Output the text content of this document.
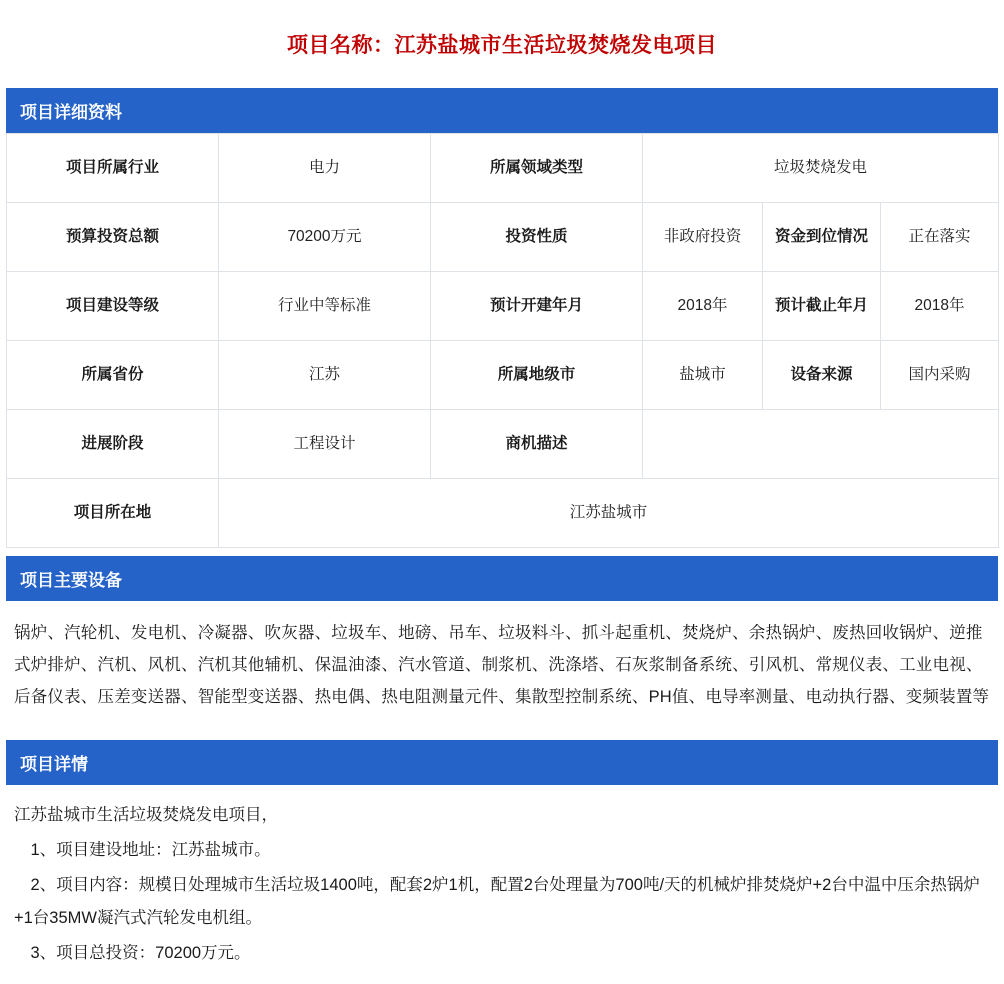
项目名称：江苏盐城市生活垃圾焚烧发电项目
项目详细资料
项目所属行业	电力	所属领域类型	垃圾焚烧发电		
预算投资总额	70200万元	投资性质	非政府投资	资金到位情况	正在落实
项目建设等级	行业中等标准	预计开建年月	2018年	预计截止年月	2018年
所属省份	江苏	所属地级市	盐城市	设备来源	国内采购
进展阶段	工程设计	商机描述			
项目所在地	江苏盐城市				
项目主要设备
锅炉、汽轮机、发电机、冷凝器、吹灰器、垃圾车、地磅、吊车、垃圾料斗、抓斗起重机、焚烧炉、余热锅炉、废热回收锅炉、逆推式炉排炉、汽机、风机、汽机其他辅机、保温油漆、汽水管道、制浆机、洗涤塔、石灰浆制备系统、引风机、常规仪表、工业电视、后备仪表、压差变送器、智能型变送器、热电偶、热电阻测量元件、集散型控制系统、PH值、电导率测量、电动执行器、变频装置等
项目详情

江苏盐城市生活垃圾焚烧发电项目，

1、项目建设地址：江苏盐城市。

2、项目内容：规模日处理城市生活垃圾1400吨，配套2炉1机，配置2台处理量为700吨/天的机械炉排焚烧炉+2台中温中压余热锅炉+1台35MW凝汽式汽轮发电机组。

3、项目总投资：70200万元。
